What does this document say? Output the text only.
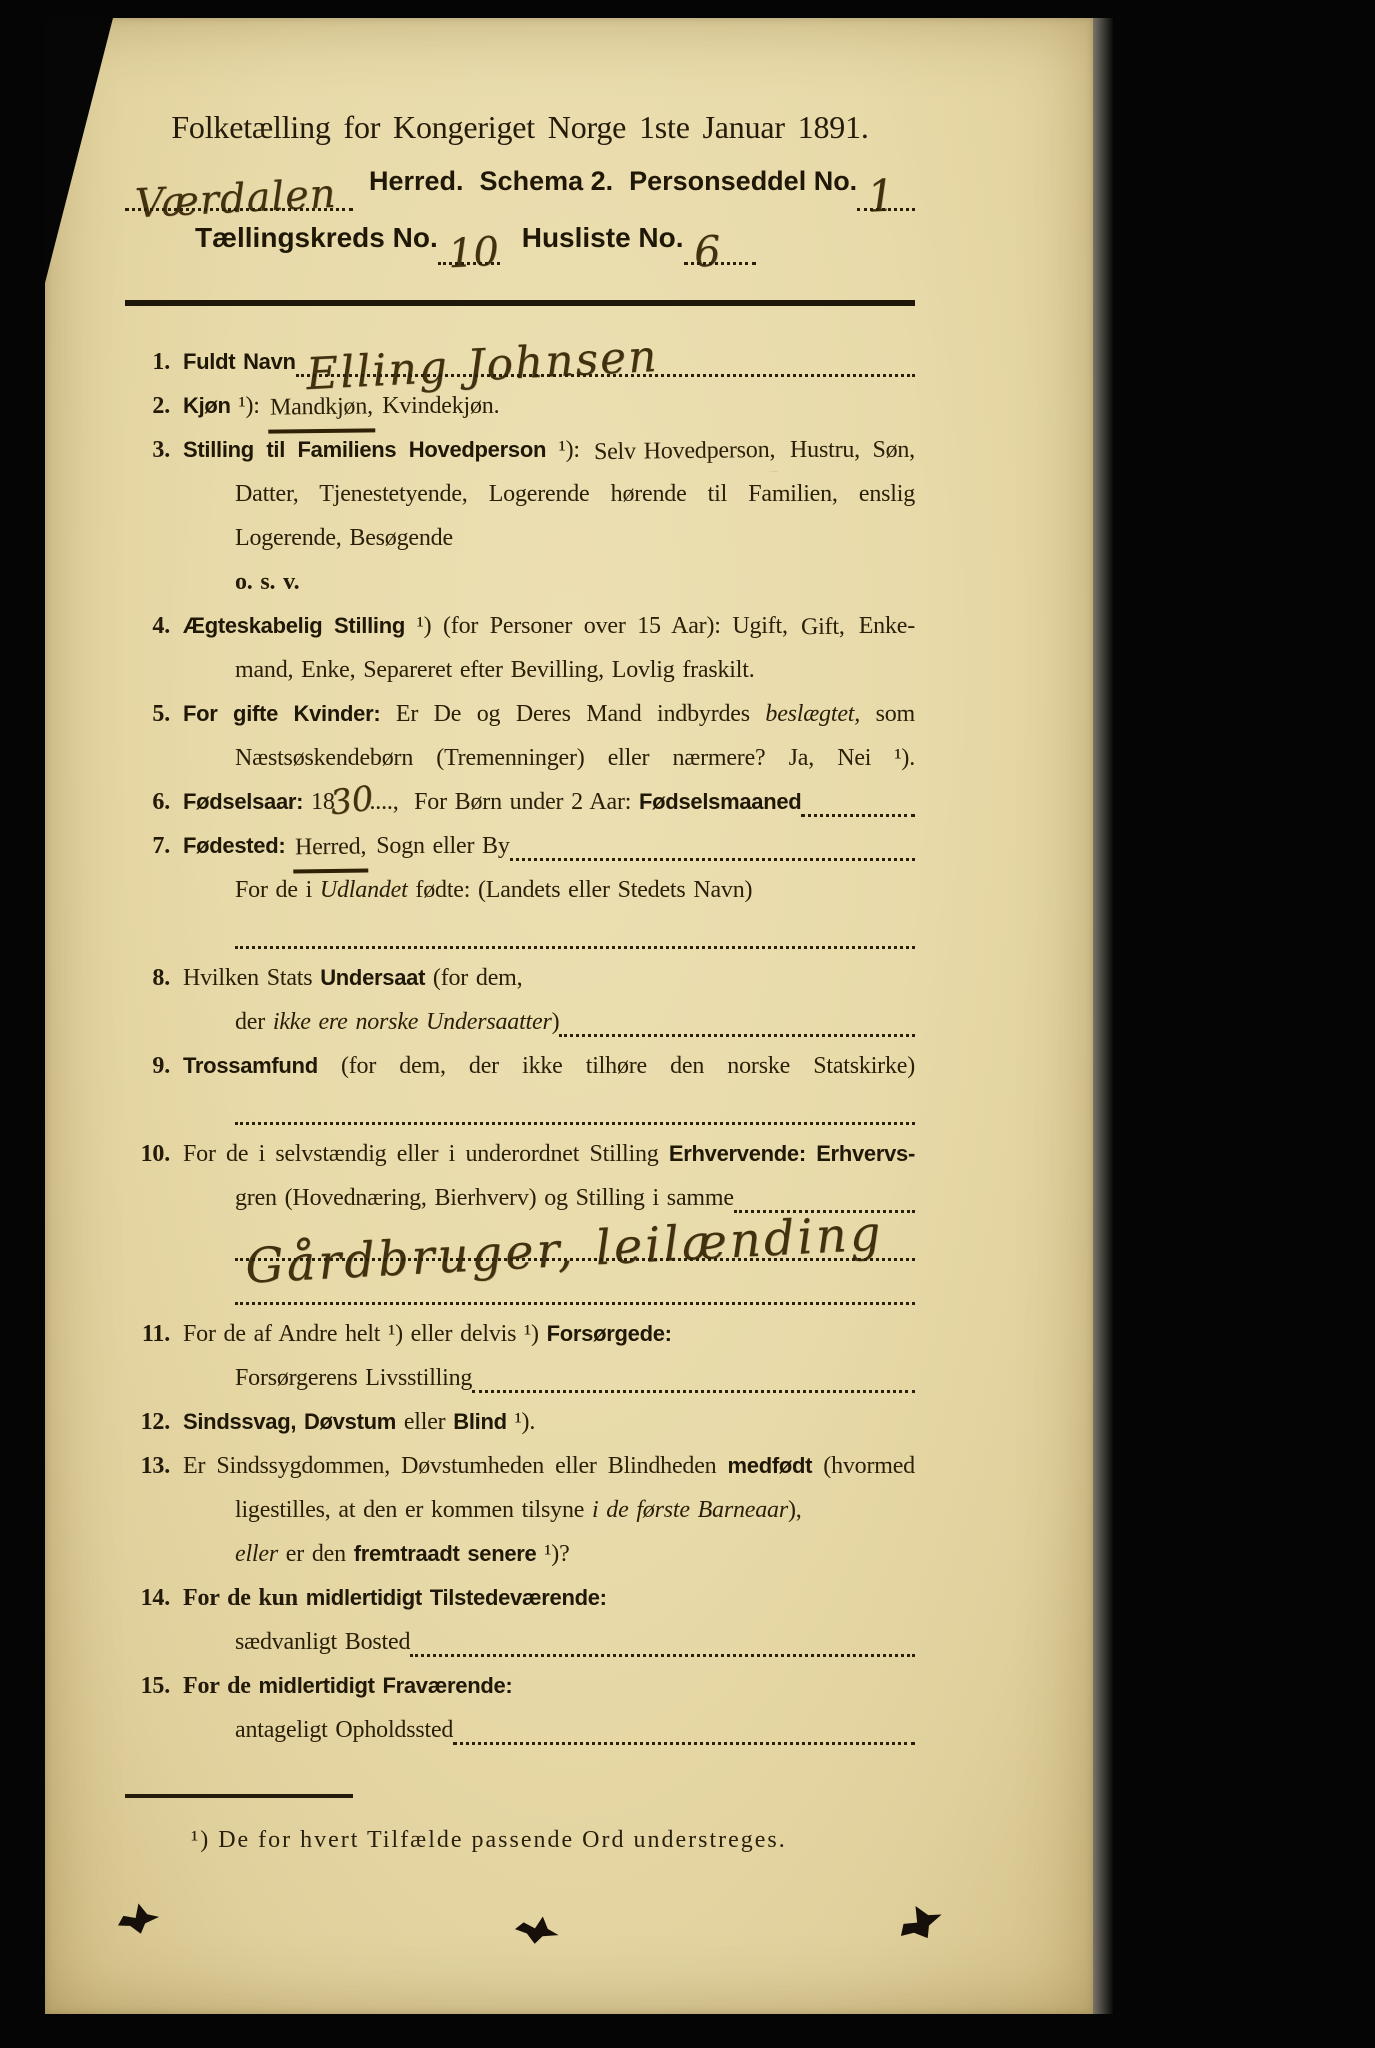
Folketælling for Kongeriget Norge 1ste Januar 1891.
Værdalen Herred. Schema 2. Personseddel No. 1
Tællingskreds No. 10 Husliste No. 6
1. Fuldt Navn Elling Johnsen
2. Kjøn ¹): Mandkjøn, Kvindekjøn.
3. Stilling til Familiens Hovedperson ¹): Selv Hovedperson, Hustru, Søn,
Datter, Tjenestetyende, Logerende hørende til Familien, enslig
Logerende, Besøgende
o. s. v.
4. Ægteskabelig Stilling ¹) (for Personer over 15 Aar): Ugift, Gift, Enke-
mand, Enke, Separeret efter Bevilling, Lovlig fraskilt.
5. For gifte Kvinder: Er De og Deres Mand indbyrdes beslægtet, som
Næstsøskendebørn (Tremenninger) eller nærmere? Ja, Nei ¹).
6. Fødselsaar: 18
30
...., For Børn under 2 Aar: Fødselsmaaned
7. Fødested:
Herred, Sogn eller By
For de i Udlandet fødte: (Landets eller Stedets Navn)
8. Hvilken Stats Undersaat (for dem,
der ikke ere norske Undersaatter )
9. Trossamfund (for dem, der ikke tilhøre den norske Statskirke)
10. For de i selvstændig eller i underordnet Stilling Erhvervende: Erhvervs-
gren (Hovednæring, Bierhverv) og Stilling i samme
Gårdbruger, leilænding
11. For de af Andre helt ¹) eller delvis ¹) Forsørgede:
Forsørgerens Livsstilling
12. Sindssvag, Døvstum eller Blind ¹).
13. Er Sindssygdommen, Døvstumheden eller Blindheden medfødt (hvormed
ligestilles, at den er kommen tilsyne i de første Barneaar ),
eller er den fremtraadt senere ¹)?
14. For de kun midlertidigt Tilstedeværende:
sædvanligt Bosted
15. For de midlertidigt Fraværende:
antageligt Opholdssted
¹) De for hvert Tilfælde passende Ord understreges.
